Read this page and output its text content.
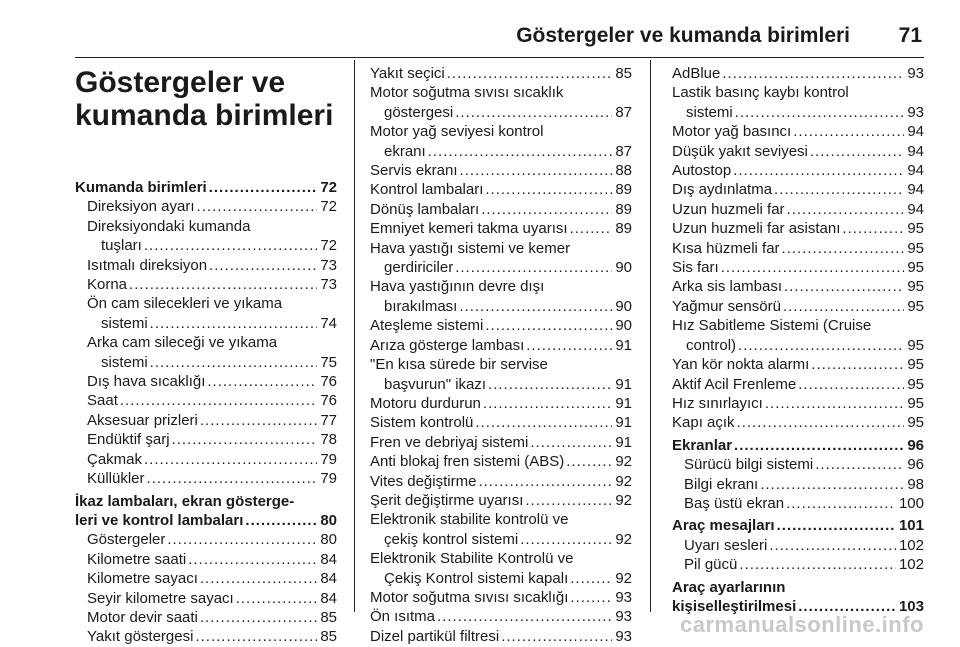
Göstergeler ve kumanda birimleri 71
Göstergeler ve
kumanda birimleri
Kumanda birimleri .....	72
Direksiyon ayarı .....	72
Direksiyondaki kumanda
tuşları .....	72
Isıtmalı direksiyon .....	73
Korna .....	73
Ön cam silecekleri ve yıkama
sistemi .....	74
Arka cam sileceği ve yıkama
sistemi .....	75
Dış hava sıcaklığı .....	76
Saat .....	76
Aksesuar prizleri .....	77
Endüktif şarj .....	78
Çakmak .....	79
Küllükler .....	79
İkaz lambaları, ekran gösterge-
leri ve kontrol lambaları .....	80
Göstergeler .....	80
Kilometre saati .....	84
Kilometre sayacı .....	84
Seyir kilometre sayacı .....	84
Motor devir saati .....	85
Yakıt göstergesi .....	85
Yakıt seçici .....	85
Motor soğutma sıvısı sıcaklık
göstergesi .....	87
Motor yağ seviyesi kontrol
ekranı .....	87
Servis ekranı .....	88
Kontrol lambaları .....	89
Dönüş lambaları .....	89
Emniyet kemeri takma uyarısı .....	89
Hava yastığı sistemi ve kemer
gerdiriciler .....	90
Hava yastığının devre dışı
bırakılması .....	90
Ateşleme sistemi .....	90
Arıza gösterge lambası .....	91
"En kısa sürede bir servise
başvurun" ikazı .....	91
Motoru durdurun .....	91
Sistem kontrolü .....	91
Fren ve debriyaj sistemi .....	91
Anti blokaj fren sistemi (ABS) .....	92
Vites değiştirme .....	92
Şerit değiştirme uyarısı .....	92
Elektronik stabilite kontrolü ve
çekiş kontrol sistemi .....	92
Elektronik Stabilite Kontrolü ve
Çekiş Kontrol sistemi kapalı .....	92
Motor soğutma sıvısı sıcaklığı .....	93
Ön ısıtma .....	93
Dizel partikül filtresi .....	93
AdBlue .....	93
Lastik basınç kaybı kontrol
sistemi .....	93
Motor yağ basıncı .....	94
Düşük yakıt seviyesi .....	94
Autostop .....	94
Dış aydınlatma .....	94
Uzun huzmeli far .....	94
Uzun huzmeli far asistanı .....	95
Kısa hüzmeli far .....	95
Sis farı .....	95
Arka sis lambası .....	95
Yağmur sensörü .....	95
Hız Sabitleme Sistemi (Cruise
control) .....	95
Yan kör nokta alarmı .....	95
Aktif Acil Frenleme .....	95
Hız sınırlayıcı .....	95
Kapı açık .....	95
Ekranlar .....	96
Sürücü bilgi sistemi .....	96
Bilgi ekranı .....	98
Baş üstü ekran .....	100
Araç mesajları .....	101
Uyarı sesleri .....	102
Pil gücü .....	102
Araç ayarlarının
kişiselleştirilmesi .....	103
carmanualsonline.info
